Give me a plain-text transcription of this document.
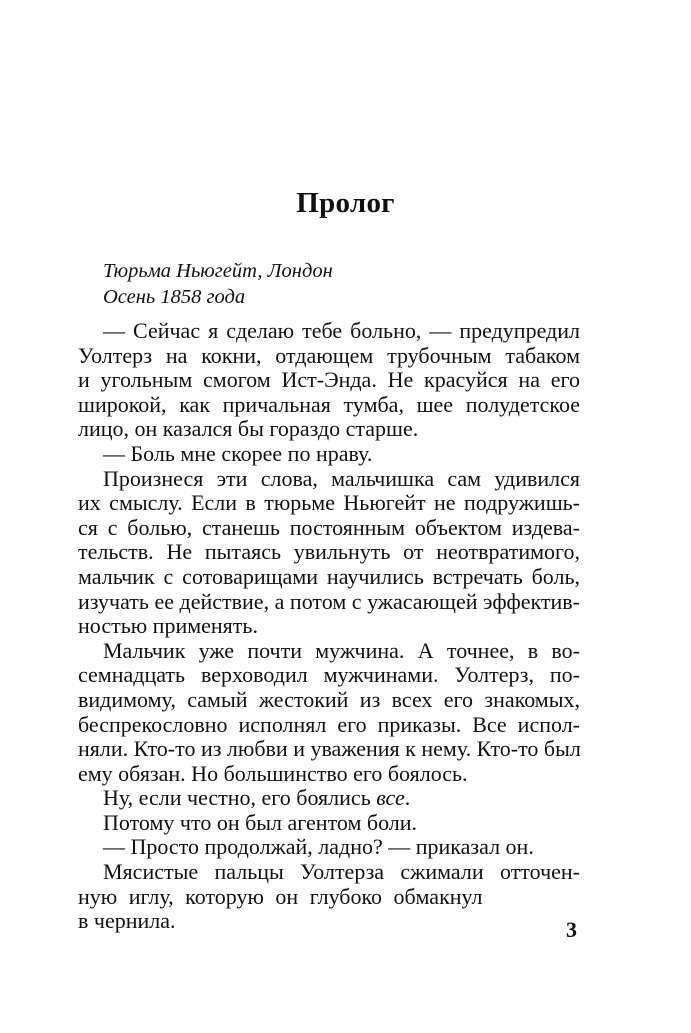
Пролог
Тюрьма Ньюгейт, Лондон
Осень 1858 года
— Сейчас я сделаю тебе больно, — предупредил
Уолтерз на кокни, отдающем трубочным табаком
и угольным смогом Ист-Энда. Не красуйся на его
широкой, как причальная тумба, шее полудетское
лицо, он казался бы гораздо старше.
— Боль мне скорее по нраву.
Произнеся эти слова, мальчишка сам удивился
их смыслу. Если в тюрьме Ньюгейт не подружишь-
ся с болью, станешь постоянным объектом издева-
тельств. Не пытаясь увильнуть от неотвратимого,
мальчик с сотоварищами научились встречать боль,
изучать ее действие, а потом с ужасающей эффектив-
ностью применять.
Мальчик уже почти мужчина. А точнее, в во-
семнадцать верховодил мужчинами. Уолтерз, по-
видимому, самый жестокий из всех его знакомых,
беспрекословно исполнял его приказы. Все испол-
няли. Кто-то из любви и уважения к нему. Кто-то был
ему обязан. Но большинство его боялось.
Ну, если честно, его боялись все.
Потому что он был агентом боли.
— Просто продолжай, ладно? — приказал он.
Мясистые пальцы Уолтерза сжимали отточен-
ную иглу, которую он глубоко обмакнул
в чернила.	3
